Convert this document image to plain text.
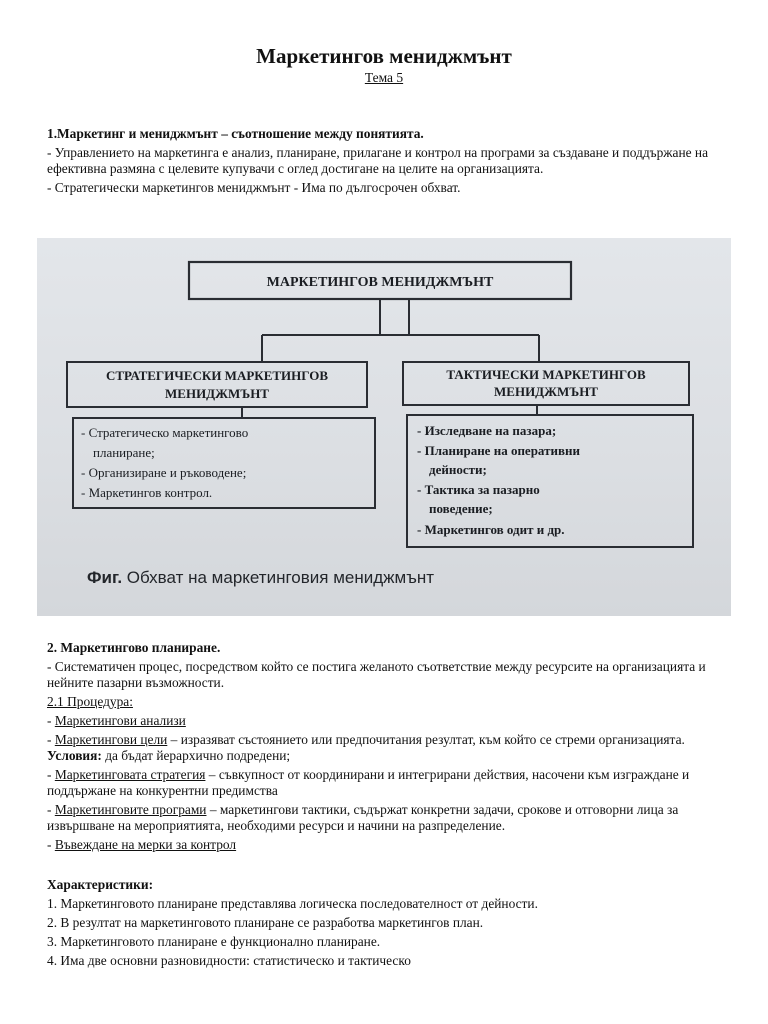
Маркетингов мениджмънт
Тема 5

1.Маркетинг и мениджмънт – съотношение между понятията.

- Управлението на маркетинга е анализ, планиране, прилагане и контрол на програми за създаване и поддържане на ефективна размяна с целевите купувачи с оглед достигане на целите на организацията.

- Стратегически маркетингов мениджмънт - Има по дългосрочен обхват.

МАРКЕТИНГОВ МЕНИДЖМЪНТ
СТРАТЕГИЧЕСКИ МАРКЕТИНГОВ
МЕНИДЖМЪНТ
ТАКТИЧЕСКИ МАРКЕТИНГОВ
МЕНИДЖМЪНТ
- Стратегическо маркетингово
планиране;
- Организиране и ръководене;
- Маркетингов контрол.
- Изследване на пазара;
- Планиране на оперативни
дейности;
- Тактика за пазарно
поведение;
- Маркетингов одит и др.
Фиг. Обхват на маркетинговия мениджмънт

2. Маркетингово планиране.

- Систематичен процес, посредством който се постига желаното съответствие между ресурсите на организацията и нейните пазарни възможности.

2.1 Процедура:

- Маркетингови анализи

- Маркетингови цели – изразяват състоянието или предпочитания резултат, към който се стреми организацията. Условия: да бъдат йерархично подредени;

- Маркетинговата стратегия – съвкупност от координирани и интегрирани действия, насочени към изграждане и поддържане на конкурентни предимства

- Маркетинговите програми – маркетингови тактики, съдържат конкретни задачи, срокове и отговорни лица за извършване на мероприятията, необходими ресурси и начини на разпределение.

- Въвеждане на мерки за контрол

Характеристики:

1. Маркетинговото планиране представлява логическа последователност от дейности.

2. В резултат на маркетинговото планиране се разработва маркетингов план.

3. Маркетинговото планиране е функционално планиране.

4. Има две основни разновидности: статистическо и тактическо
